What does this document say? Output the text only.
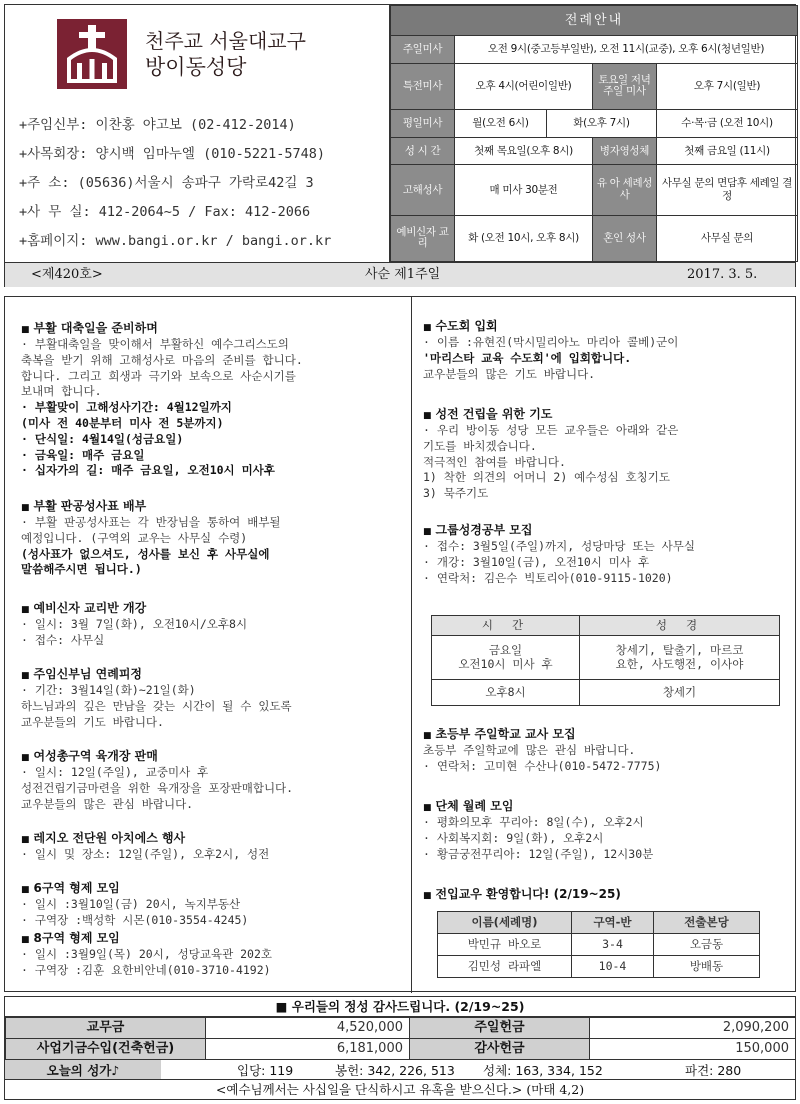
천주교 서울대교구
방이동성당
+주임신부: 이찬홍 야고보 (02-412-2014)
+사목회장: 양시백 임마누엘 (010-5221-5748)
+주 소: (05636)서울시 송파구 가락로42길 3
+사 무 실: 412-2064~5 / Fax: 412-2066
+홈페이지: www.bangi.or.kr / bangi.or.kr
전례안내				
주일미사	오전 9시(중고등부일반), 오전 11시(교중), 오후 6시(청년일반)			
특전미사	오후 4시(어린이일반)		토요일 저녁 주일 미사	오후 7시(일반)
평일미사	월(오전 6시)	화(오후 7시)		수·목·금 (오전 10시)
성 시 간	첫째 목요일(오후 8시)		병자영성체	첫째 금요일 (11시)
고해성사	매 미사 30분전		유 아 세례성사	사무실 문의 면담후 세례일 결정
예비신자 교 리	화 (오전 10시, 오후 8시)		혼인 성사	사무실 문의
<제420호>	사순 제1주일	2017. 3. 5.
■ 부활 대축일을 준비하며
· 부활대축일을 맞이해서 부활하신 예수그리스도의
축복을 받기 위해 고해성사로 마음의 준비를 합니다.
합니다. 그리고 희생과 극기와 보속으로 사순시기를
보내며 합니다.
· 부활맞이 고해성사기간: 4월12일까지
(미사 전 40분부터 미사 전 5분까지)
· 단식일: 4월14일(성금요일)
· 금육일: 매주 금요일
· 십자가의 길: 매주 금요일, 오전10시 미사후
■ 부활 판공성사표 배부
· 부활 판공성사표는 각 반장님을 통하여 배부될
예정입니다. (구역외 교우는 사무실 수령)
(성사표가 없으셔도, 성사를 보신 후 사무실에
말씀해주시면 됩니다.)
■ 예비신자 교리반 개강
· 일시: 3월 7일(화), 오전10시/오후8시
· 접수: 사무실
■ 주임신부님 연례피정
· 기간: 3월14일(화)~21일(화)
하느님과의 깊은 만남을 갖는 시간이 될 수 있도록
교우분들의 기도 바랍니다.
■ 여성총구역 육개장 판매
· 일시: 12일(주일), 교중미사 후
성전건립기금마련을 위한 육개장을 포장판매합니다.
교우분들의 많은 관심 바랍니다.
■ 레지오 전단원 아치에스 행사
· 일시 및 장소: 12일(주일), 오후2시, 성전
■ 6구역 형제 모임
· 일시 :3월10일(금) 20시, 녹지부동산
· 구역장 :백성학 시몬(010-3554-4245)
■ 8구역 형제 모임
· 일시 :3월9일(목) 20시, 성당교육관 202호
· 구역장 :김훈 요한비안네(010-3710-4192)
■ 수도회 입회
· 이름 :유현진(막시밀리아노 마리아 콜베)군이
'마리스타 교육 수도회'에 입회합니다.
교우분들의 많은 기도 바랍니다.
■ 성전 건립을 위한 기도
· 우리 방이동 성당 모든 교우들은 아래와 같은
기도를 바치겠습니다.
적극적인 참여를 바랍니다.
1) 착한 의견의 어머니 2) 예수성심 호칭기도
3) 묵주기도
■ 그룹성경공부 모집
· 접수: 3월5일(주일)까지, 성당마당 또는 사무실
· 개강: 3월10일(금), 오전10시 미사 후
· 연락처: 김은수 빅토리아(010-9115-1020)
시 간	성 경
금요일
오전10시 미사 후	창세기, 탈출기, 마르코
요한, 사도행전, 이사야
오후8시	창세기
■ 초등부 주일학교 교사 모집
초등부 주일학교에 많은 관심 바랍니다.
· 연락처: 고미현 수산나(010-5472-7775)
■ 단체 월례 모임
· 평화의모후 꾸리아: 8일(수), 오후2시
· 사회복지회: 9일(화), 오후2시
· 황금궁전꾸리아: 12일(주일), 12시30분
■ 전입교우 환영합니다! (2/19~25)
이름(세례명)	구역-반	전출본당
박민규 바오로	3-4	오금동
김민성 라파엘	10-4	방배동
■ 우리들의 정성 감사드립니다. (2/19~25)
교무금	4,520,000	주일헌금	2,090,200
사업기금수입(건축헌금)	6,181,000	감사헌금	150,000
오늘의 성가♪	입당: 119	봉헌: 342, 226, 513 성체: 163, 334, 152	파견: 280
<예수님께서는 사십일을 단식하시고 유혹을 받으신다.> (마태 4,2)
